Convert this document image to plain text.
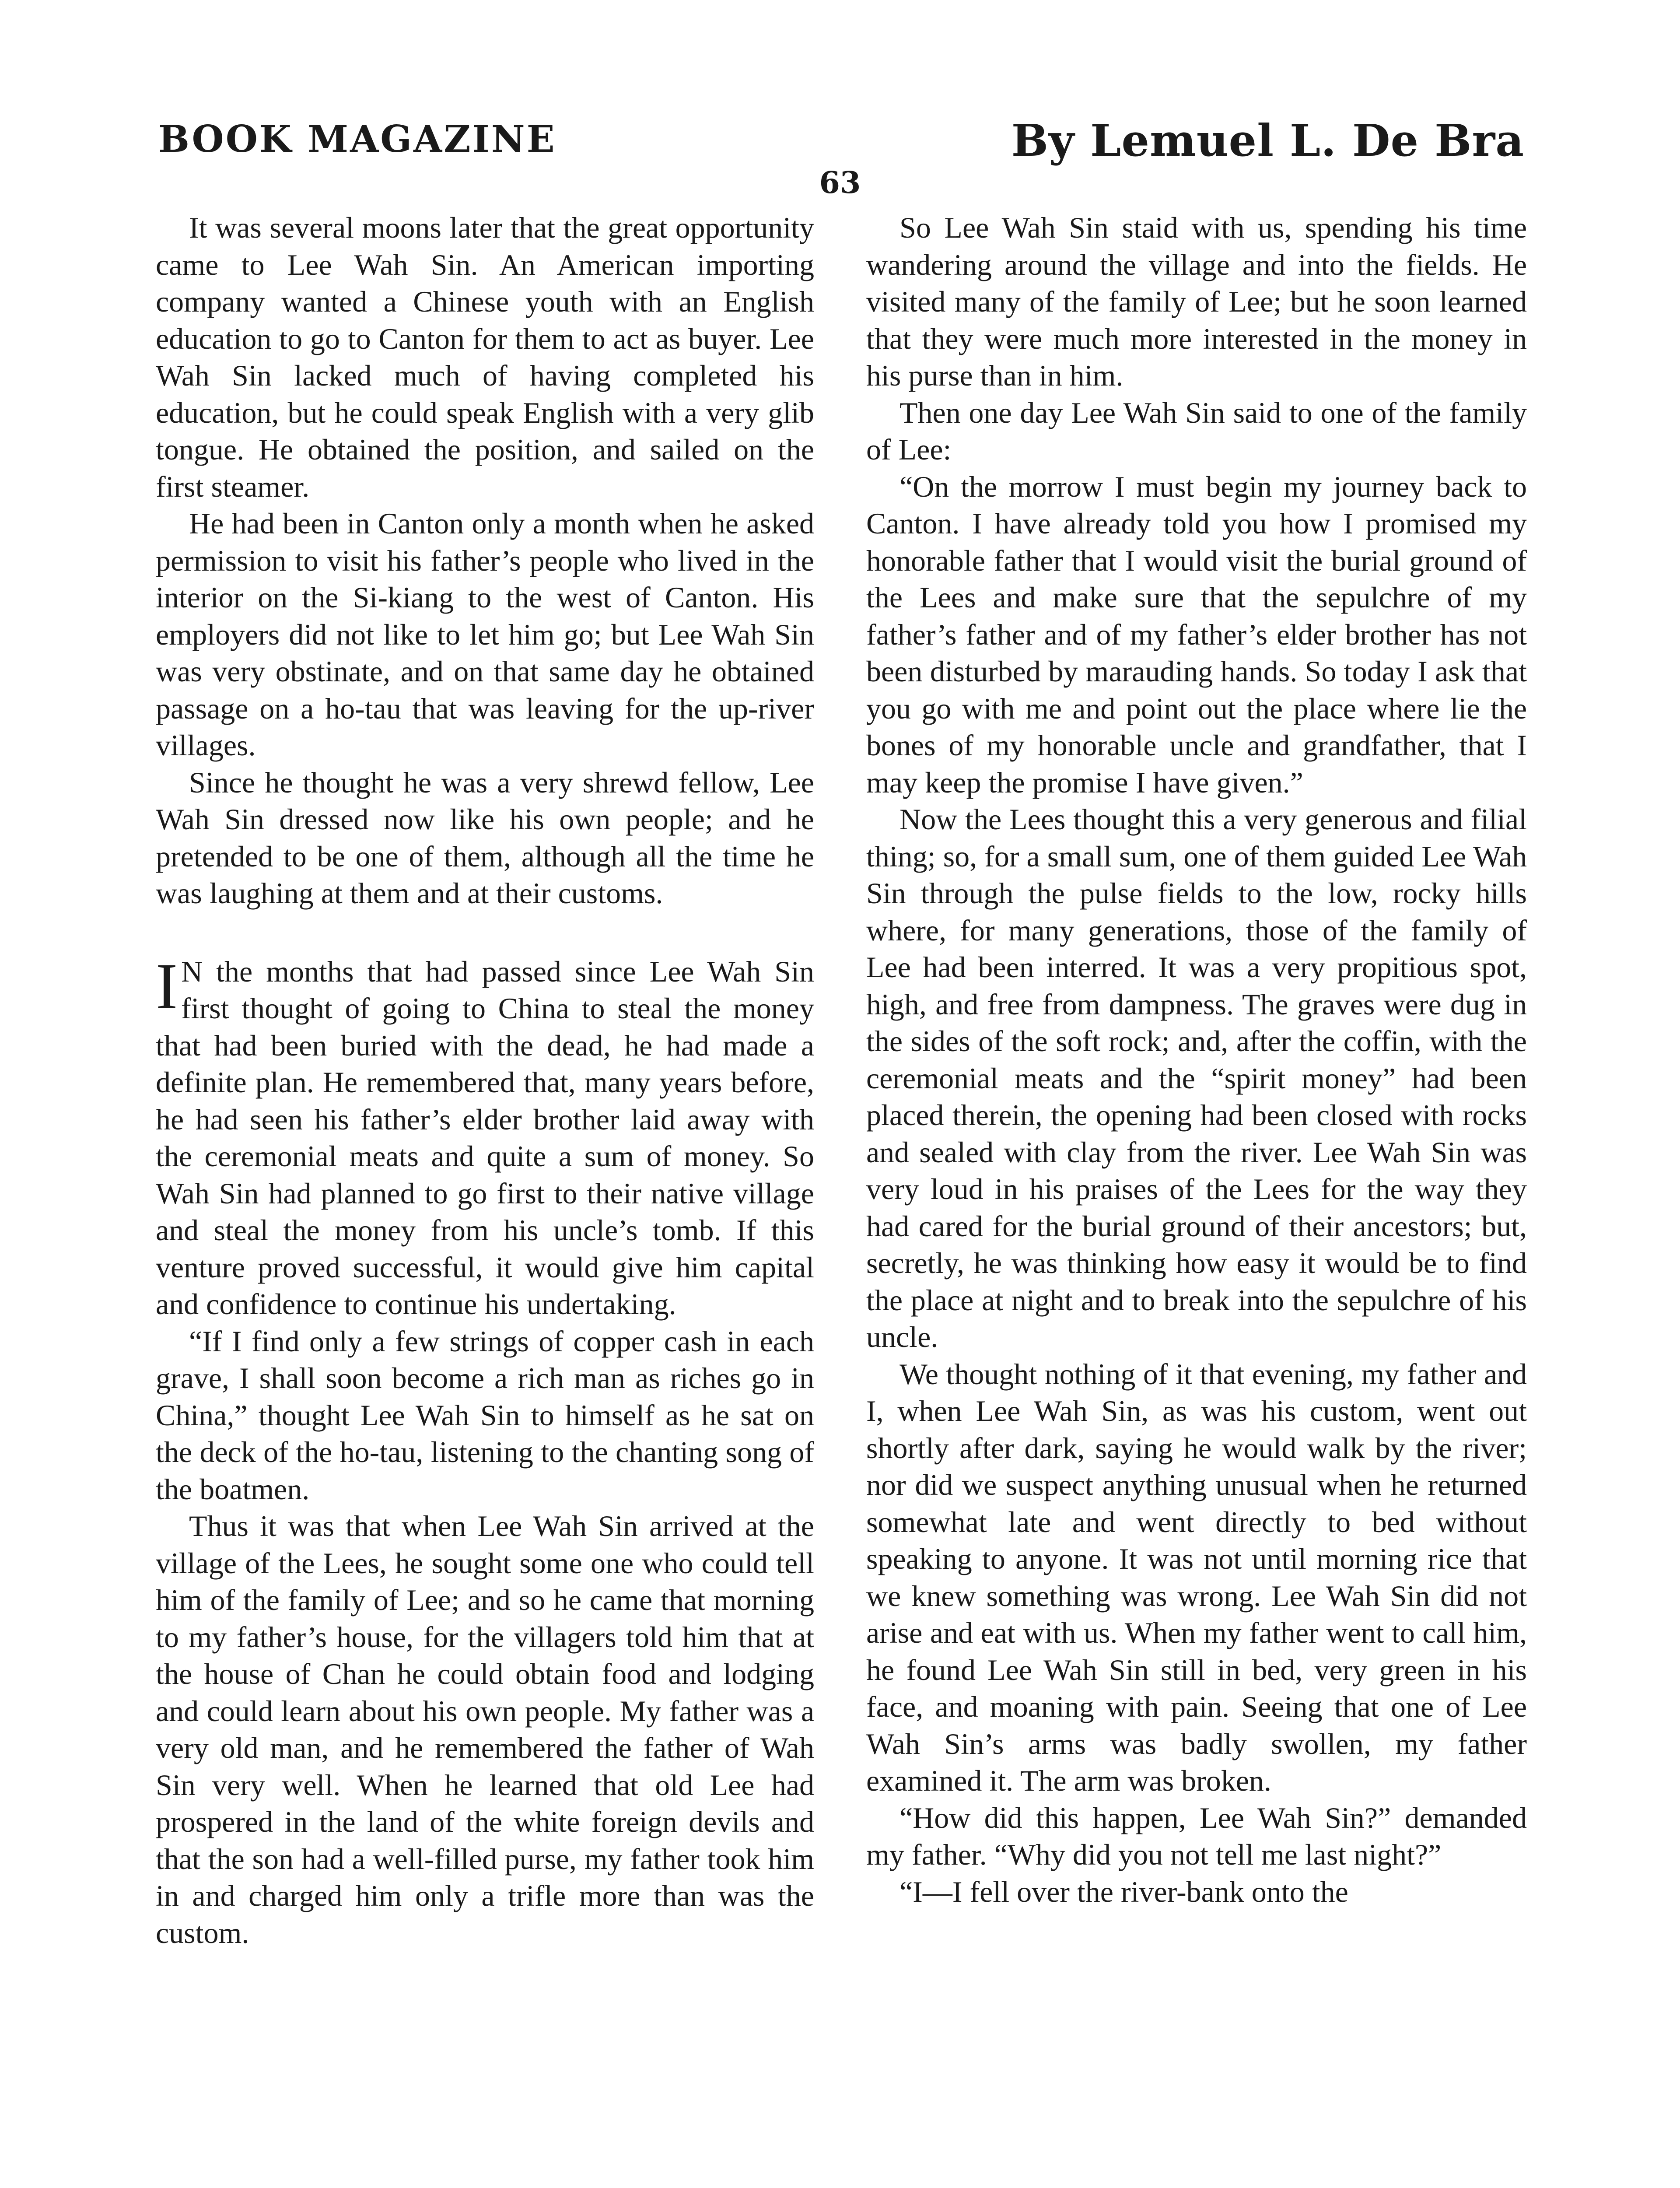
BOOK MAGAZINE	By Lemuel L. De Bra
63

It was several moons later that the great opportunity came to Lee Wah Sin. An American importing company wanted a Chinese youth with an English education to go to Canton for them to act as buyer. Lee Wah Sin lacked much of having completed his education, but he could speak English with a very glib tongue. He obtained the position, and sailed on the first steamer.

He had been in Canton only a month when he asked permission to visit his father’s people who lived in the interior on the Si-kiang to the west of Canton. His employers did not like to let him go; but Lee Wah Sin was very obstinate, and on that same day he obtained passage on a ho-tau that was leaving for the up-river villages.

Since he thought he was a very shrewd fellow, Lee Wah Sin dressed now like his own people; and he pretended to be one of them, although all the time he was laughing at them and at their customs.

I N the months that had passed since Lee Wah Sin first thought of going to China to steal the money that had been buried with the dead, he had made a definite plan. He remembered that, many years before, he had seen his father’s elder brother laid away with the ceremonial meats and quite a sum of money. So Wah Sin had planned to go first to their native village and steal the money from his uncle’s tomb. If this venture proved successful, it would give him capital and confidence to continue his undertaking.

“If I find only a few strings of copper cash in each grave, I shall soon become a rich man as riches go in China,” thought Lee Wah Sin to himself as he sat on the deck of the ho-tau, listening to the chanting song of the boatmen.

Thus it was that when Lee Wah Sin arrived at the village of the Lees, he sought some one who could tell him of the family of Lee; and so he came that morning to my father’s house, for the villagers told him that at the house of Chan he could obtain food and lodging and could learn about his own people. My father was a very old man, and he remembered the father of Wah Sin very well. When he learned that old Lee had prospered in the land of the white foreign devils and that the son had a well-filled purse, my father took him in and charged him only a trifle more than was the custom.

So Lee Wah Sin staid with us, spending his time wandering around the village and into the fields. He visited many of the family of Lee; but he soon learned that they were much more interested in the money in his purse than in him.

Then one day Lee Wah Sin said to one of the family of Lee:

“On the morrow I must begin my journey back to Canton. I have already told you how I promised my honorable father that I would visit the burial ground of the Lees and make sure that the sepulchre of my father’s father and of my father’s elder brother has not been disturbed by marauding hands. So today I ask that you go with me and point out the place where lie the bones of my honorable uncle and grandfather, that I may keep the promise I have given.”

Now the Lees thought this a very generous and filial thing; so, for a small sum, one of them guided Lee Wah Sin through the pulse fields to the low, rocky hills where, for many generations, those of the family of Lee had been interred. It was a very propitious spot, high, and free from dampness. The graves were dug in the sides of the soft rock; and, after the coffin, with the ceremonial meats and the “spirit money” had been placed therein, the opening had been closed with rocks and sealed with clay from the river. Lee Wah Sin was very loud in his praises of the Lees for the way they had cared for the burial ground of their ancestors; but, secretly, he was thinking how easy it would be to find the place at night and to break into the sepulchre of his uncle.

We thought nothing of it that evening, my father and I, when Lee Wah Sin, as was his custom, went out shortly after dark, saying he would walk by the river; nor did we suspect anything unusual when he returned somewhat late and went directly to bed without speaking to anyone. It was not until morning rice that we knew something was wrong. Lee Wah Sin did not arise and eat with us. When my father went to call him, he found Lee Wah Sin still in bed, very green in his face, and moaning with pain. Seeing that one of Lee Wah Sin’s arms was badly swollen, my father examined it. The arm was broken.

“How did this happen, Lee Wah Sin?” demanded my father. “Why did you not tell me last night?”

“I—I fell over the river-bank onto the
